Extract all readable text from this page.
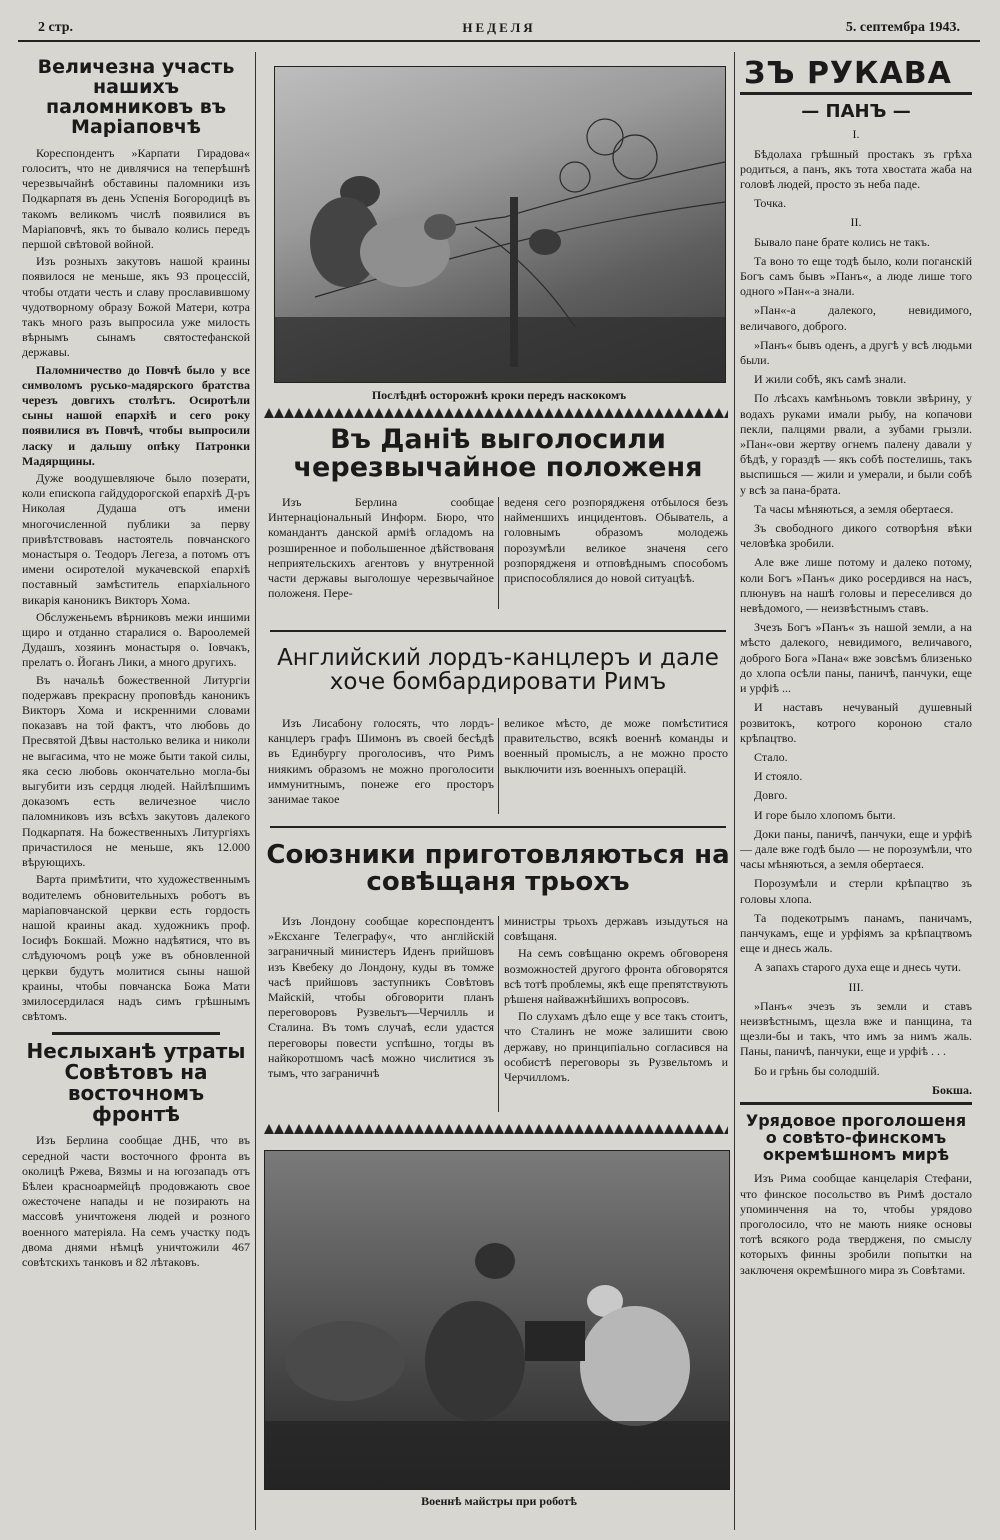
2 стр.	НЕДЕЛЯ	5. септембра 1943.
Величезна участь нашихъ паломниковъ въ Маріаповчѣ

Кореспондентъ »Карпати Гирадова« голоситъ, что не дивлячися на теперѣшнѣ черезвычайнѣ обставины паломники изъ Подкарпатя въ день Успенія Богородицѣ въ такомъ великомъ числѣ появилися въ Маріаповчѣ, якъ то бывало колись передъ першой свѣтовой войной.

Изъ розныхъ закутовъ нашой краины появилося не меньше, якъ 93 процессій, чтобы отдати честь и славу прославившому чудотворному образу Божой Матери, котра такъ много разъ выпросила уже милость вѣрнымъ сынамъ святостефанской державы.

Паломничество до Повчѣ было у все символомъ русько-мадярского братства черезъ довгихъ столѣтъ. Осиротѣли сыны нашой епархіѣ и сего року появилися въ Повчѣ, чтобы выпросили ласку и дальшу опѣку Патронки Мадярщины.

Дуже воодушевляюче было позерати, коли епископа гайдудорогской епархіѣ Д-ръ Николая Дудаша отъ имени многочисленной публики за перву привѣтствовавъ настоятель повчанского монастыря о. Теодоръ Легеза, а потомъ отъ имени осиротелой мукачевской епархіѣ поставный замѣститель епархіального викарія каноникъ Викторъ Хома.

Обслуженьемъ вѣрниковъ межи иншими щиро и отданно старалися о. Вароолемей Дудашъ, хозяинъ монастыря о. Іовчакъ, прелатъ о. Йоганъ Лики, а много другихъ.

Въ начальѣ божественной Литургіи подержавъ прекрасну проповѣдь каноникъ Викторъ Хома и искренними словами показавъ на той фактъ, что любовь до Пресвятой Дѣвы настолько велика и николи не выгасима, что не може быти такой силы, яка сесю любовь окончательно могла-бы выгубити изъ сердця людей. Найлѣпшимъ доказомъ есть величезное число паломниковъ изъ всѣхъ закутовъ далекого Подкарпатя. На божественныхъ Литургіяхъ причастилося не меньше, якъ 12.000 вѣрующихъ.

Варта примѣтити, что художественнымъ водителемъ обновительныхъ роботъ въ маріаповчанской церкви есть гордость нашой краины акад. художникъ проф. Іосифъ Бокшай. Можно надѣятися, что въ слѣдуючомъ роцѣ уже въ обновленной церкви будутъ молитися сыны нашой краины, чтобы повчанска Божа Мати змилосердилася надъ симъ грѣшнымъ свѣтомъ.

Неслыханѣ утраты Совѣтовъ на восточномъ фронтѣ

Изъ Берлина сообщае ДНБ, что въ середной части восточного фронта въ околицѣ Ржева, Вязмы и на югозападъ отъ Бѣлеи красноармейцѣ продовжають свое ожесточене напады и не позирають на массовѣ уничтоженя людей и розного военного матеріяла. На семъ участку подъ двома днями нѣмцѣ уничтожили 467 совѣтскихъ танковъ и 82 лѣтаковъ.

Послѣднѣ осторожнѣ кроки передъ наскокомъ
Въ Даніѣ выголосили черезвычайное положеня

Изъ Берлина сообщае Интернаціональный Информ. Бюро, что командантъ данской арміѣ огладомъ на розширенное и побольшенное дѣйствованя неприятельскихъ агентовъ у внутренной части державы выголошуе черезвычайное положеня. Пере-

веденя сего розпорядженя отбылося безъ найменшихъ инцидентовъ. Обыватель, а головнымъ образомъ молодежь порозумѣли великое значеня сего розпорядженя и отповѣднымъ способомъ приспособлялися до новой ситуацѣѣ.

Английский лордъ-канцлеръ и дале хоче бомбардировати Римъ

Изъ Лисабону голосять, что лордъ-канцлеръ графъ Шимонъ въ своей бесѣдѣ въ Единбургу проголосивъ, что Римъ ниякимъ образомъ не можно проголосити иммунитнымъ, понеже его просторъ занимае такое

великое мѣсто, де може помѣститися правительство, всякѣ военнѣ команды и военный промыслъ, а не можно просто выключити изъ военныхъ операцій.

Союзники приготовляються на совѣщаня трьохъ

Изъ Лондону сообщае кореспондентъ »Ексханге Телеграфу«, что англійскій заграничный министеръ Иденъ прийшовъ изъ Квебеку до Лондону, куды въ томже часѣ прийшовъ заступникъ Совѣтовъ Майскій, чтобы обговорити планъ переговоровъ Рузвельтъ—Черчилль и Сталина. Въ томъ случаѣ, если удастся переговоры повести успѣшно, тогды въ найкоротшомъ часѣ можно числитися зъ тымъ, что заграничнѣ

министры трьохъ державъ изыдуться на совѣщаня.

На семъ совѣщаню окремъ обговореня возможностей другого фронта обговорятся всѣ тотѣ проблемы, якѣ еще препятствують рѣшеня найважнѣйшихъ вопросовъ.

По слухамъ дѣло еще у все такъ стоитъ, что Сталинъ не може залишити свою державу, но принципіально согласився на особистѣ переговоры зъ Рузвельтомъ и Черчилломъ.

Военнѣ майстры при роботѣ
ЗЪ РУКАВА
— ПАНЪ —

I.

Бѣдолаха грѣшный простакъ зъ грѣха родиться, а панъ, якъ тота хвостата жаба на головѣ людей, просто зъ неба паде.

Точка.

II.

Бывало пане брате колись не такъ.

Та воно то еще тодѣ было, коли поганскій Богъ самъ бывъ »Панъ«, а люде лише того одного »Пан«-а знали.

»Пан«-а далекого, невидимого, величавого, доброго.

»Панъ« бывъ оденъ, а другѣ у всѣ людьми были.

И жили собѣ, якъ самѣ знали.

По лѣсахъ камѣньомъ товкли звѣрину, у водахъ руками имали рыбу, на копачови пекли, палцями рвали, а зубами грызли. »Пан«-ови жертву огнемъ палену давали у бѣдѣ, у гораздѣ — якъ собѣ постелишь, такъ выспишься — жили и умерали, и были собѣ у всѣ за пана-брата.

Та часы мѣняються, а земля обертаеся.

Зъ свободного дикого сотворѣня вѣки человѣка зробили.

Але вже лише потому и далеко потому, коли Богъ »Панъ« дико росердився на насъ, плюнувъ на нашѣ головы и переселився до невѣдомого, — неизвѣстнымъ ставъ.

Зчезъ Богъ »Панъ« зъ нашой земли, а на мѣсто далекого, невидимого, величавого, доброго Бога »Пана« вже зовсѣмъ близенько до хлопа осѣли паны, паничѣ, панчуки, еще и урфіѣ ...

И наставъ нечуваный душевный розвитокъ, котрого короною стало крѣпацтво.

Стало.

И стояло.

Довго.

И горе было хлопомъ быти.

Доки паны, паничѣ, панчуки, еще и урфіѣ — дале вже годѣ было — не порозумѣли, что часы мѣняються, а земля обертаеся.

Порозумѣли и стерли крѣпацтво зъ головы хлопа.

Та подекотрымъ панамъ, паничамъ, панчукамъ, еще и урфіямъ за крѣпацтвомъ еще и днесь жаль.

А запахъ старого духа еще и днесь чути.

III.

»Панъ« зчезъ зъ земли и ставъ неизвѣстнымъ, щезла вже и панщина, та щезли-бы и такъ, что имъ за нимъ жаль. Паны, паничѣ, панчуки, еще и урфіѣ . . .

Бо и грѣнь бы солодшій.

Бокша.

Урядовое проголошеня о совѣто-финскомъ окремѣшномъ мирѣ

Изъ Рима сообщае канцеларія Стефани, что финское посольство въ Римѣ достало упоминчення на то, чтобы урядово проголосило, что не мають нияке основы тотѣ всякого рода твердженя, по смыслу которыхъ финны зробили попытки на заключеня окремѣшного мира зъ Совѣтами.
